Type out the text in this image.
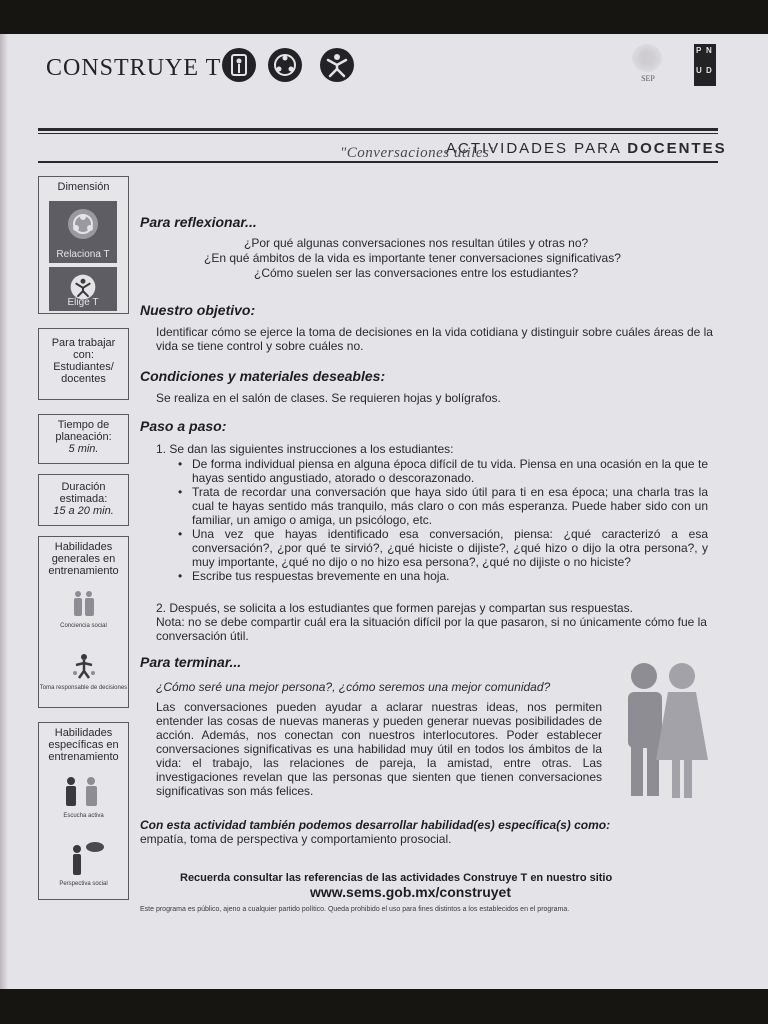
CONSTRUYE T	SEP
P N
U D
ACTIVIDADES PARA DOCENTES
"Conversaciones útiles"
Dimensión
Relaciona T
Elige T
Para trabajar con: Estudiantes/ docentes
Tiempo de planeación:
5 min.
Duración estimada:
15 a 20 min.
Habilidades generales en entrenamiento
Conciencia social
Toma responsable de decisiones
Habilidades específicas en entrenamiento
Escucha activa
Perspectiva social
Para reflexionar...
¿Por qué algunas conversaciones nos resultan útiles y otras no?
¿En qué ámbitos de la vida es importante tener conversaciones significativas?
¿Cómo suelen ser las conversaciones entre los estudiantes?
Nuestro objetivo:
Identificar cómo se ejerce la toma de decisiones en la vida cotidiana y distinguir sobre cuáles áreas de la vida se tiene control y sobre cuáles no.
Condiciones y materiales deseables:
Se realiza en el salón de clases. Se requieren hojas y bolígrafos.
Paso a paso:
1. Se dan las siguientes instrucciones a los estudiantes:
• De forma individual piensa en alguna época difícil de tu vida. Piensa en una ocasión en la que te hayas sentido angustiado, atorado o descorazonado.
• Trata de recordar una conversación que haya sido útil para ti en esa época; una charla tras la cual te hayas sentido más tranquilo, más claro o con más esperanza. Puede haber sido con un familiar, un amigo o amiga, un psicólogo, etc.
• Una vez que hayas identificado esa conversación, piensa: ¿qué caracterizó a esa conversación?, ¿por qué te sirvió?, ¿qué hiciste o dijiste?, ¿qué hizo o dijo la otra persona?, y muy importante, ¿qué no dijo o no hizo esa persona?, ¿qué no dijiste o no hiciste?
• Escribe tus respuestas brevemente en una hoja.
2. Después, se solicita a los estudiantes que formen parejas y compartan sus respuestas.
Nota: no se debe compartir cuál era la situación difícil por la que pasaron, si no únicamente cómo fue la conversación útil.
Para terminar...
¿Cómo seré una mejor persona?, ¿cómo seremos una mejor comunidad?
Las conversaciones pueden ayudar a aclarar nuestras ideas, nos permiten entender las cosas de nuevas maneras y pueden generar nuevas posibilidades de acción. Además, nos conectan con nuestros interlocutores. Poder establecer conversaciones significativas es una habilidad muy útil en todos los ámbitos de la vida: el trabajo, las relaciones de pareja, la amistad, entre otras. Las investigaciones revelan que las personas que sienten que tienen conversaciones significativas son más felices.
Con esta actividad también podemos desarrollar habilidad(es) específica(s) como:
empatía, toma de perspectiva y comportamiento prosocial.
Recuerda consultar las referencias de las actividades Construye T en nuestro sitio
www.sems.gob.mx/construyet
Este programa es público, ajeno a cualquier partido político. Queda prohibido el uso para fines distintos a los establecidos en el programa.
